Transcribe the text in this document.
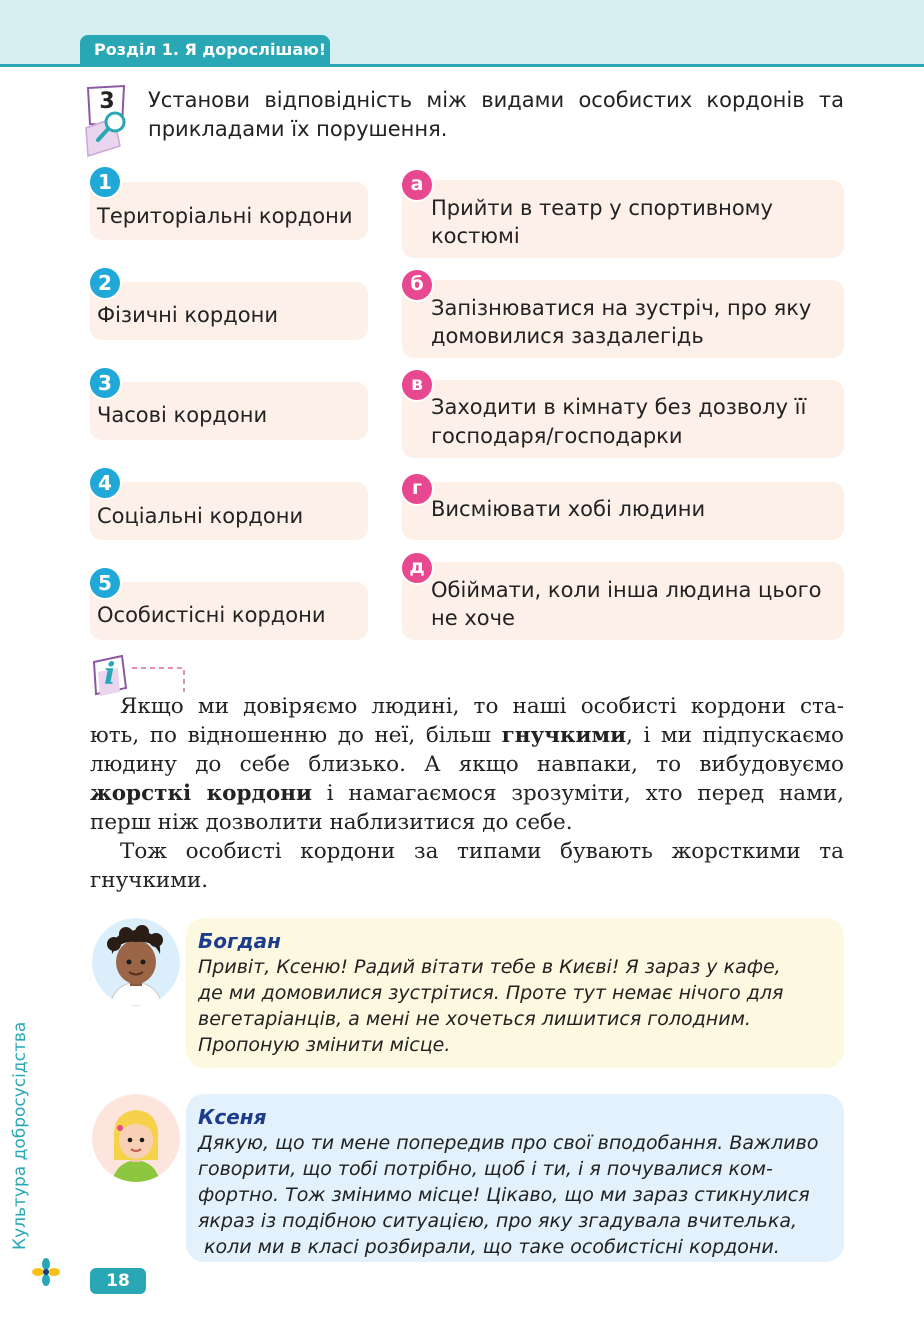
Розділ 1. Я дорослішаю!
3 Установи відповідність між видами особистих кордонів та
прикладами їх порушення.
Територіальні кордони
1
Фізичні кордони
2
Часові кордони
3
Соціальні кордони
4
Особистісні кордони
5
Прийти в театр у спортивному
костюмі
а
Запізнюватися на зустріч, про яку
домовилися заздалегідь
б
Заходити в кімнату без дозволу її
господаря/господарки
в
Висміювати хобі людини
г
Обіймати, коли інша людина цього
не хоче
д
i
Якщо ми довіряємо людині, то наші особисті кордони ста-
ють, по відношенню до неї, більш гнучкими, і ми підпускаємо
людину до себе близько. А якщо навпаки, то вибудовуємо
жорсткі кордони і намагаємося зрозуміти, хто перед нами,
перш ніж дозволити наблизитися до себе.
Тож особисті кордони за типами бувають жорсткими та
гнучкими.
Богдан
Привіт, Ксеню! Радий вітати тебе в Києві! Я зараз у кафе,
де ми домовилися зустрітися. Проте тут немає нічого для
вегетаріанців, а мені не хочеться лишитися голодним.
Пропоную змінити місце.
Ксеня
Дякую, що ти мене попередив про свої вподобання. Важливо
говорити, що тобі потрібно, щоб і ти, і я почувалися ком-
фортно. Тож змінимо місце! Цікаво, що ми зараз стикнулися
якраз із подібною ситуацією, про яку згадувала вчителька,
коли ми в класі розбирали, що таке особистісні кордони.
Культура добросусідства
18
